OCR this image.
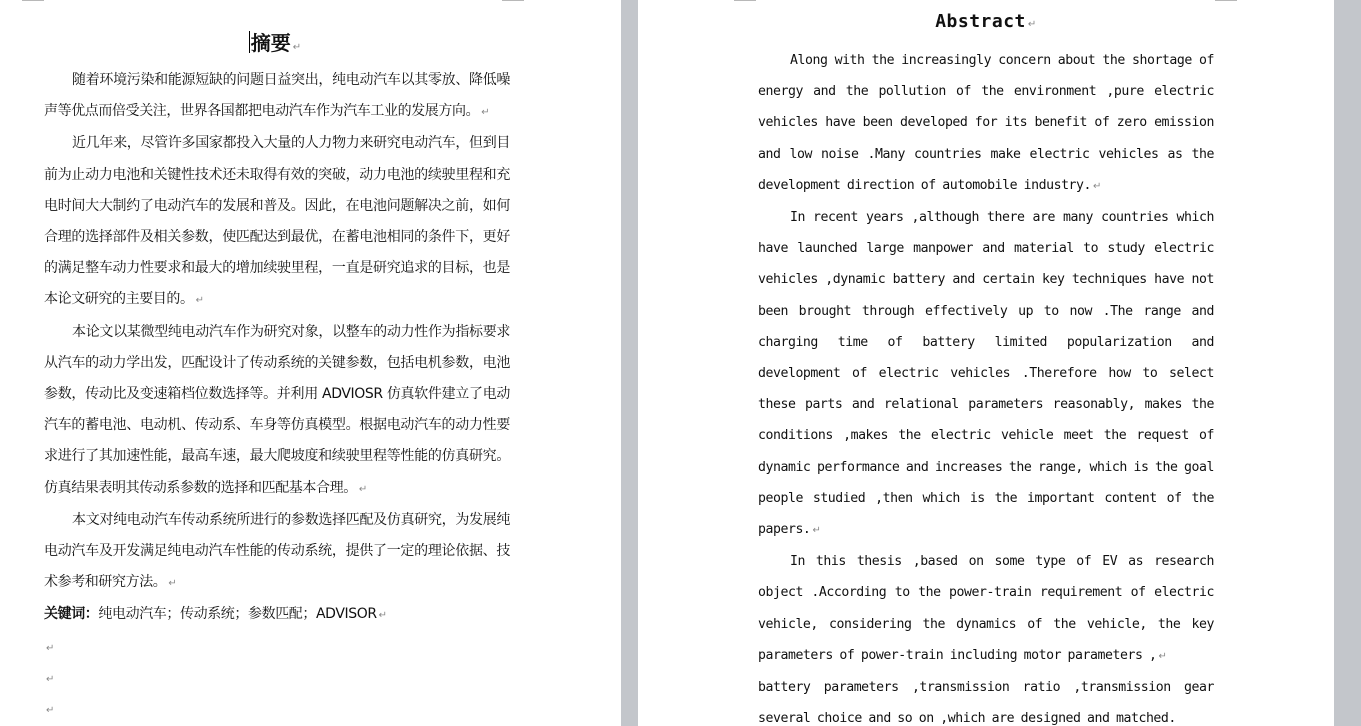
摘要 ↵

随着环境污染和能源短缺的问题日益突出，纯电动汽车以其零放、降低噪声等优点而倍受关注，世界各国都把电动汽车作为汽车工业的发展方向。 ↵

近几年来，尽管许多国家都投入大量的人力物力来研究电动汽车，但到目前为止动力电池和关键性技术还未取得有效的突破，动力电池的续驶里程和充电时间大大制约了电动汽车的发展和普及。因此，在电池问题解决之前，如何合理的选择部件及相关参数，使匹配达到最优，在蓄电池相同的条件下，更好的满足整车动力性要求和最大的增加续驶里程，一直是研究追求的目标，也是本论文研究的主要目的。 ↵

本论文以某微型纯电动汽车作为研究对象，以整车的动力性作为指标要求从汽车的动力学出发，匹配设计了传动系统的关键参数，包括电机参数，电池参数，传动比及变速箱档位数选择等。并利用 ADVIOSR 仿真软件建立了电动汽车的蓄电池、电动机、传动系、车身等仿真模型。根据电动汽车的动力性要求进行了其加速性能，最高车速，最大爬坡度和续驶里程等性能的仿真研究。仿真结果表明其传动系参数的选择和匹配基本合理。 ↵

本文对纯电动汽车传动系统所进行的参数选择匹配及仿真研究，为发展纯电动汽车及开发满足纯电动汽车性能的传动系统，提供了一定的理论依据、技术参考和研究方法。 ↵

关键词：纯电动汽车；传动系统；参数匹配；ADVISOR ↵

↵

↵

↵

Abstract ↵

Along with the increasingly concern about the shortage of energy and the pollution of the environment ,pure electric vehicles have been developed for its benefit of zero emission and low noise .Many countries make electric vehicles as the development direction of automobile industry. ↵

In recent years ,although there are many countries which have launched large manpower and material to study electric vehicles ,dynamic battery and certain key techniques have not been brought through effectively up to now .The range and charging time of battery limited popularization and development of electric vehicles .Therefore how to select these parts and relational parameters reasonably, makes the conditions ,makes the electric vehicle meet the request of dynamic performance and increases the range, which is the goal people studied ,then which is the important content of the papers. ↵

In this thesis ,based on some type of EV as research object .According to the power-train requirement of electric vehicle, considering the dynamics of the vehicle, the key parameters of power-train including motor parameters , ↵

battery parameters ,transmission ratio ,transmission gear several choice and so on ,which are designed and matched.
